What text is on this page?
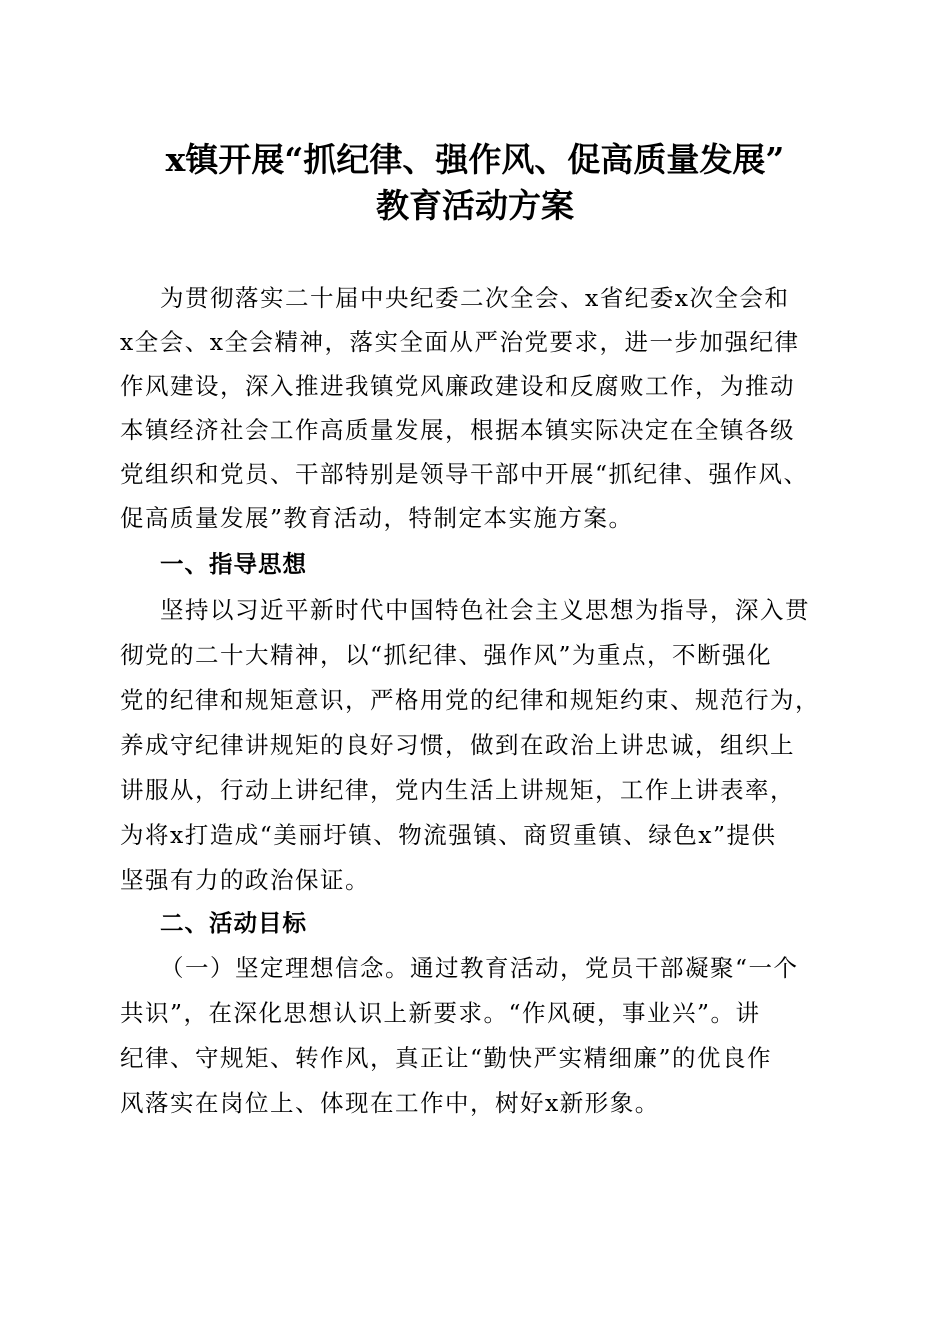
x镇开展“抓纪律、强作风、促高质量发展”
教育活动方案
为贯彻落实二十届中央纪委二次全会、x省纪委x次全会和
x全会、x全会精神，落实全面从严治党要求，进一步加强纪律
作风建设，深入推进我镇党风廉政建设和反腐败工作，为推动
本镇经济社会工作高质量发展，根据本镇实际决定在全镇各级
党组织和党员、干部特别是领导干部中开展“抓纪律、强作风、
促高质量发展”教育活动，特制定本实施方案。
一、指导思想
坚持以习近平新时代中国特色社会主义思想为指导，深入贯
彻党的二十大精神，以“抓纪律、强作风”为重点，不断强化
党的纪律和规矩意识，严格用党的纪律和规矩约束、规范行为，
养成守纪律讲规矩的良好习惯，做到在政治上讲忠诚，组织上
讲服从，行动上讲纪律，党内生活上讲规矩，工作上讲表率，
为将x打造成“美丽圩镇、物流强镇、商贸重镇、绿色x”提供
坚强有力的政治保证。
二、活动目标
（一）坚定理想信念。通过教育活动，党员干部凝聚“一个
共识”，在深化思想认识上新要求。“作风硬，事业兴”。讲
纪律、守规矩、转作风，真正让“勤快严实精细廉”的优良作
风落实在岗位上、体现在工作中，树好x新形象。
